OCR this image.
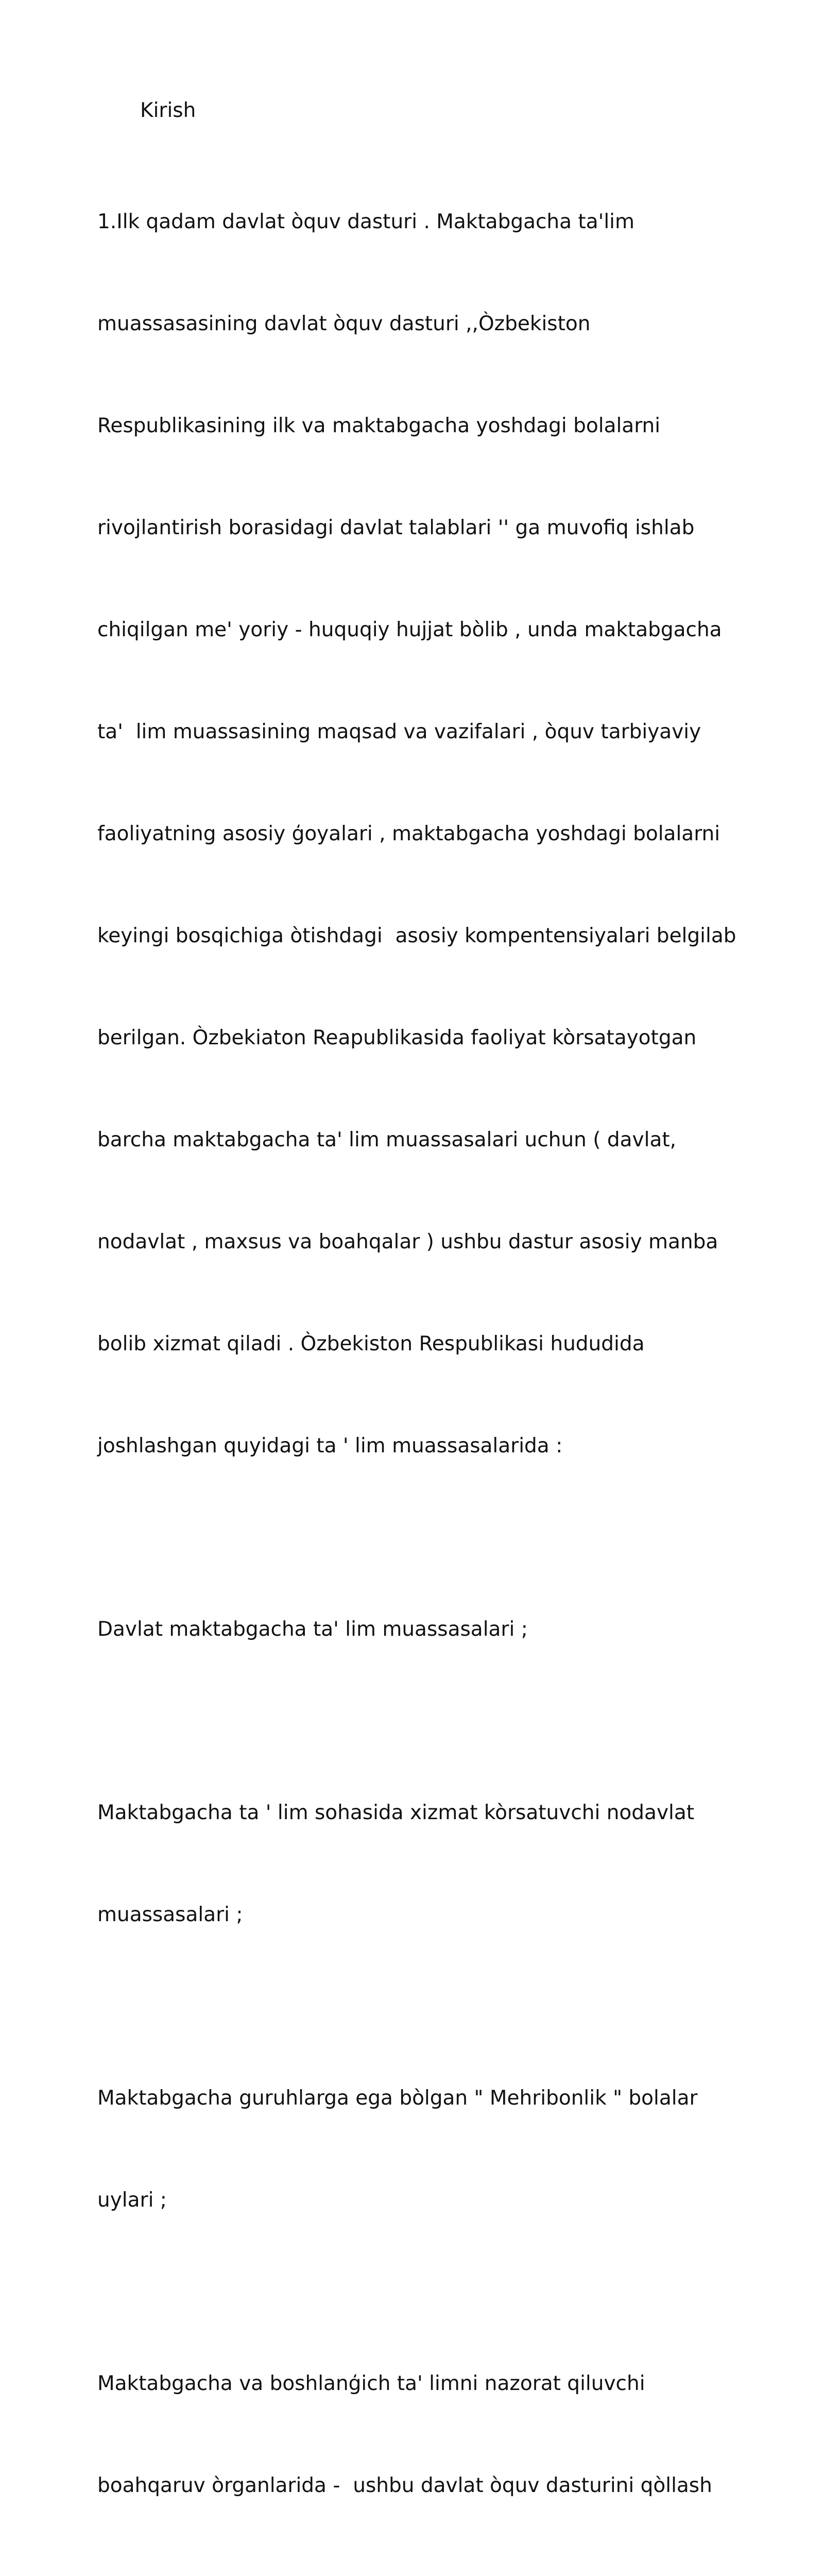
Kirish

1.Ilk qadam davlat òquv dasturi . Maktabgacha ta'lim

muassasasining davlat òquv dasturi ,,Òzbekiston

Respublikasining ilk va maktabgacha yoshdagi bolalarni

rivojlantirish borasidagi davlat talablari '' ga muvofiq ishlab

chiqilgan me' yoriy - huquqiy hujjat bòlib , unda maktabgacha

ta'  lim muassasining maqsad va vazifalari , òquv tarbiyaviy

faoliyatning asosiy ģoyalari , maktabgacha yoshdagi bolalarni

keyingi bosqichiga òtishdagi  asosiy kompentensiyalari belgilab

berilgan. Òzbekiaton Reapublikasida faoliyat kòrsatayotgan

barcha maktabgacha ta' lim muassasalari uchun ( davlat,

nodavlat , maxsus va boahqalar ) ushbu dastur asosiy manba

bolib xizmat qiladi . Òzbekiston Respublikasi hududida

joshlashgan quyidagi ta ' lim muassasalarida :

Davlat maktabgacha ta' lim muassasalari ;

Maktabgacha ta ' lim sohasida xizmat kòrsatuvchi nodavlat

muassasalari ;

Maktabgacha guruhlarga ega bòlgan " Mehribonlik " bolalar

uylari ;

Maktabgacha va boshlanģich ta' limni nazorat qiluvchi

boahqaruv òrganlarida -  ushbu davlat òquv dasturini qòllash
